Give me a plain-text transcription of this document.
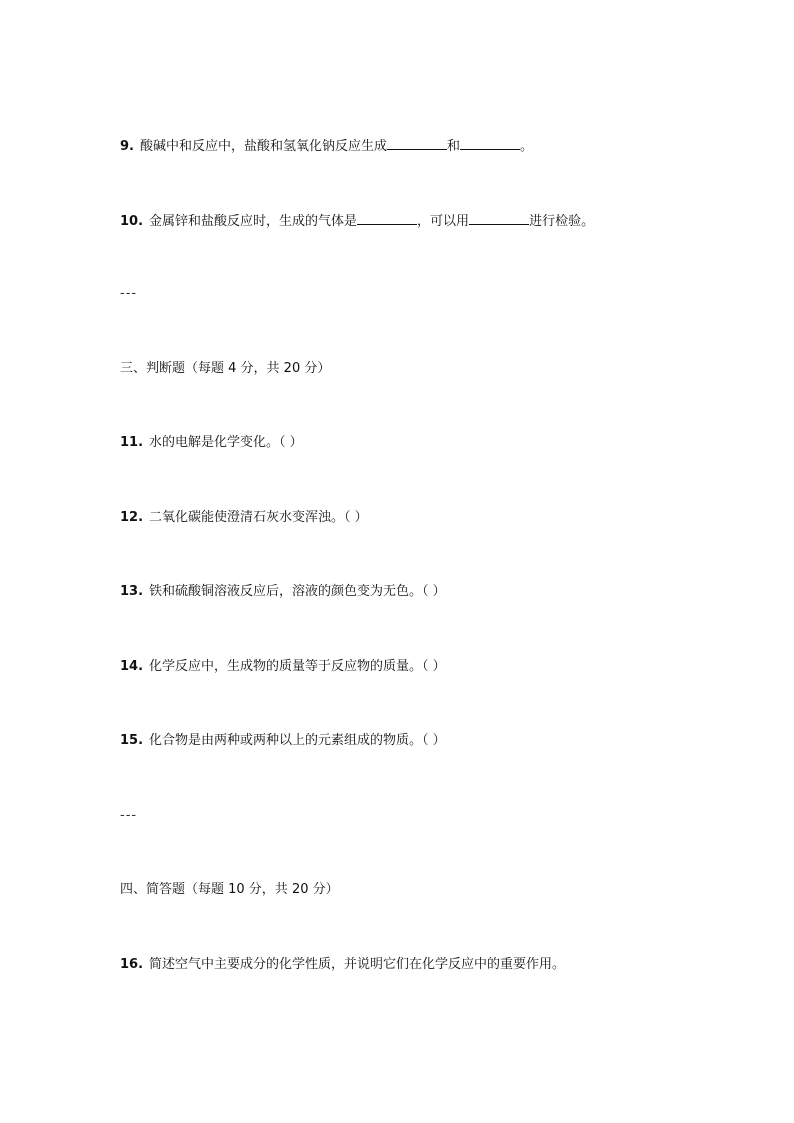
9. 酸碱中和反应中，盐酸和氢氧化钠反应生成	和	。
10. 金属锌和盐酸反应时，生成的气体是	，可以用	进行检验。
---
三、判断题（每题 4 分，共 20 分）
11. 水的电解是化学变化。（ ）
12. 二氧化碳能使澄清石灰水变浑浊。（ ）
13. 铁和硫酸铜溶液反应后，溶液的颜色变为无色。（ ）
14. 化学反应中，生成物的质量等于反应物的质量。（ ）
15. 化合物是由两种或两种以上的元素组成的物质。（ ）
---
四、简答题（每题 10 分，共 20 分）
16. 简述空气中主要成分的化学性质，并说明它们在化学反应中的重要作用。
